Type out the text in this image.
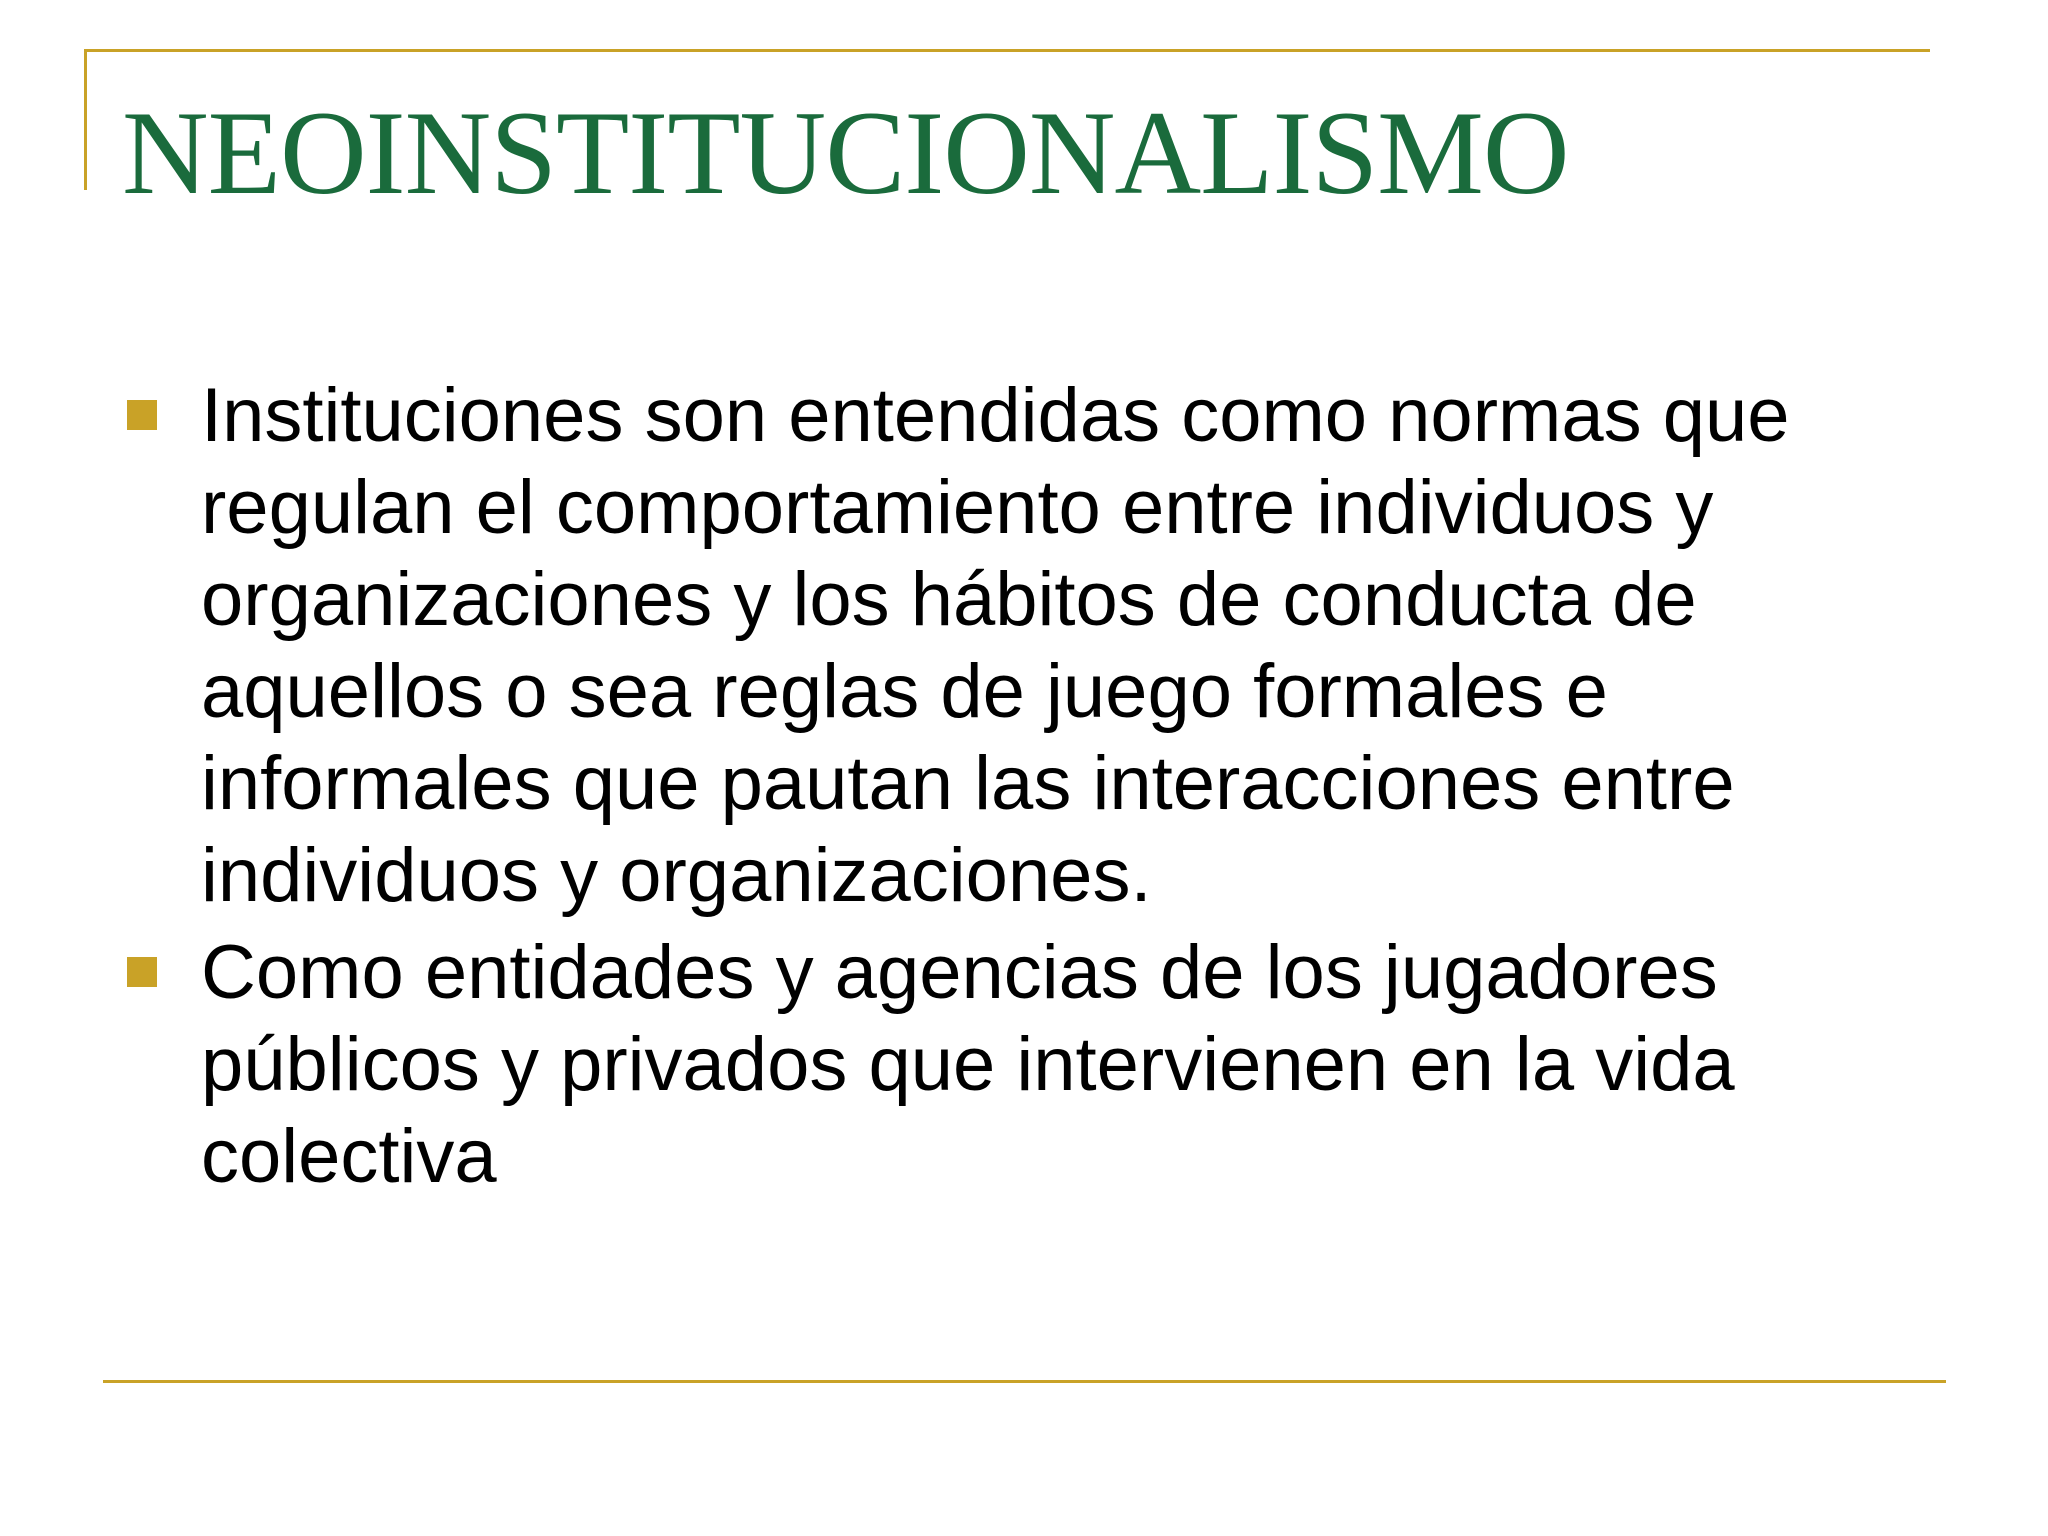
NEOINSTITUCIONALISMO
Instituciones son entendidas como normas que regulan el comportamiento entre individuos y organizaciones y los hábitos de conducta de aquellos o sea reglas de juego formales e informales que pautan las interacciones entre individuos y organizaciones.
Como entidades y agencias de los jugadores públicos y privados que intervienen en la vida colectiva
